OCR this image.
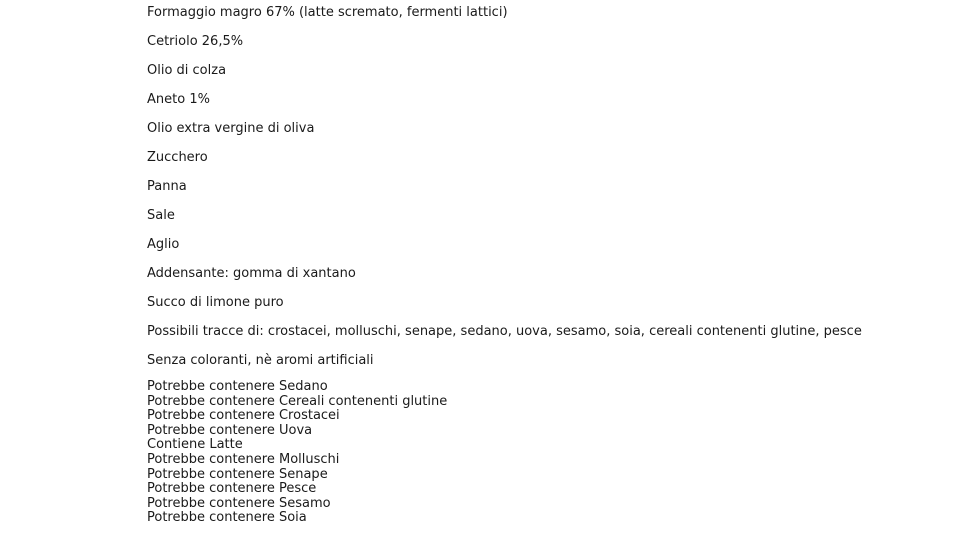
Formaggio magro 67% (latte scremato, fermenti lattici)
Cetriolo 26,5%
Olio di colza
Aneto 1%
Olio extra vergine di oliva
Zucchero
Panna
Sale
Aglio
Addensante: gomma di xantano
Succo di limone puro
Possibili tracce di: crostacei, molluschi, senape, sedano, uova, sesamo, soia, cereali contenenti glutine, pesce
Senza coloranti, nè aromi artificiali
Potrebbe contenere Sedano
Potrebbe contenere Cereali contenenti glutine
Potrebbe contenere Crostacei
Potrebbe contenere Uova
Contiene Latte
Potrebbe contenere Molluschi
Potrebbe contenere Senape
Potrebbe contenere Pesce
Potrebbe contenere Sesamo
Potrebbe contenere Soia
